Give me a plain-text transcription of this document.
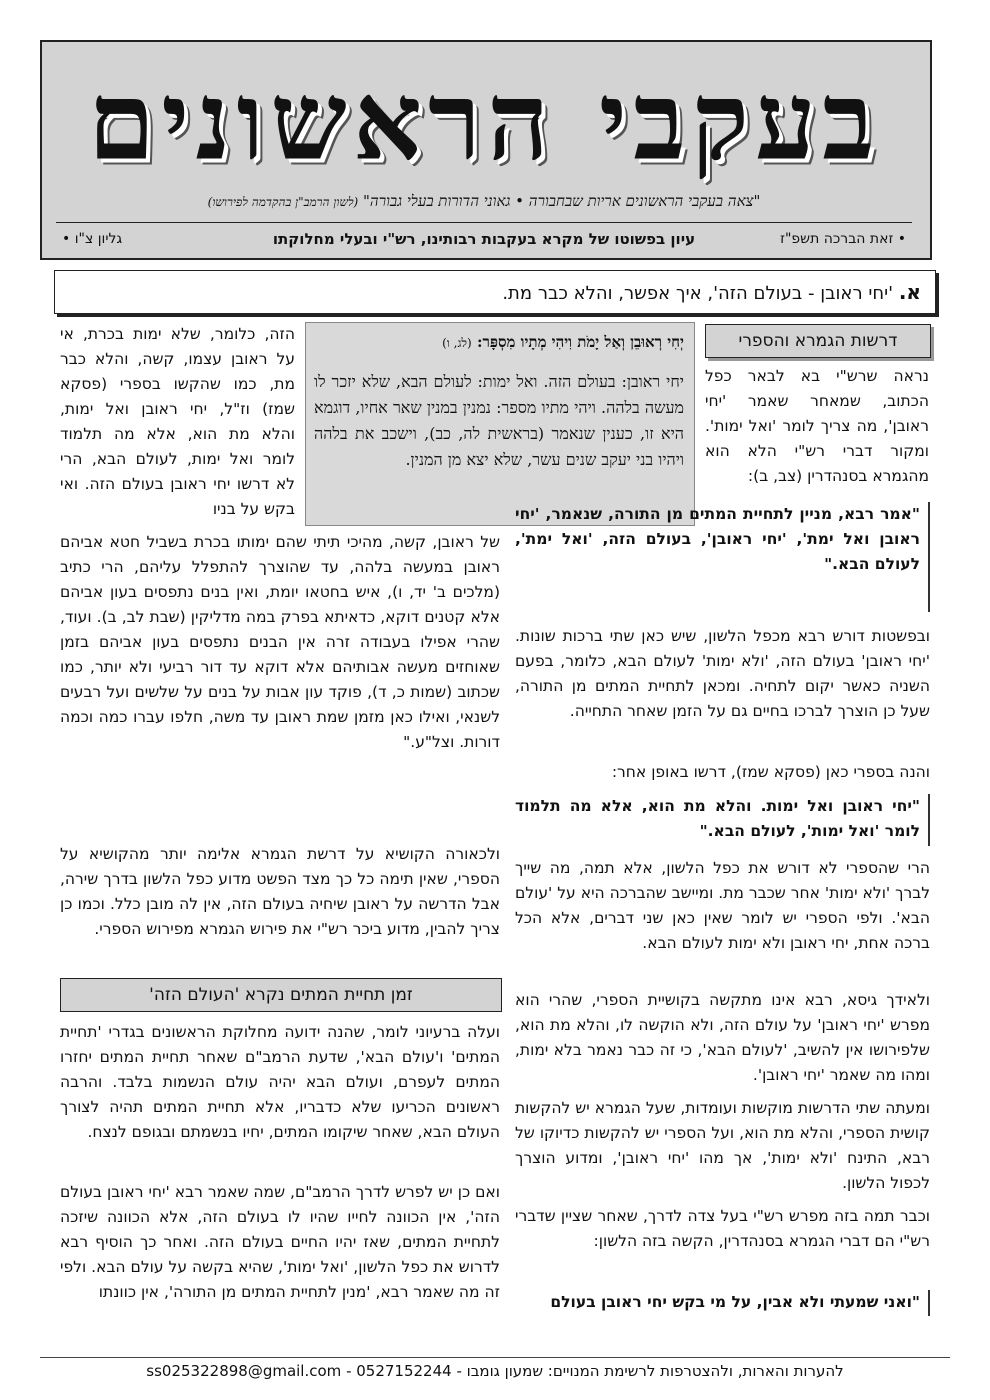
בעקבי הראשונים
"צאה בעקבי הראשונים אריות שבחבורה • גאוני הדורות בעלי גבורה" (לשון הרמב"ן בהקדמה לפירושו)
• זאת הברכה תשפ"ז
עיון בפשוטו של מקרא בעקבות רבותינו, רש"י ובעלי מחלוקתו
גליון צ"ו •
א. 'יחי ראובן - בעולם הזה', איך אפשר, והלא כבר מת.
דרשות הגמרא והספרי
יְחִי רְאוּבֵן וְאַל יָמֹת וִיהִי מְתָיו מִסְפָּר: (לג, ו)
יחי ראובן: בעולם הזה. ואל ימות: לעולם הבא, שלא יזכר לו מעשה בלהה. ויהי מתיו מספר: נמנין במנין שאר אחיו, דוגמא היא זו, כענין שנאמר (בראשית לה, כב), וישכב את בלהה ויהיו בני יעקב שנים עשר, שלא יצא מן המנין.
הזה, כלומר, שלא ימות בכרת, אי על ראובן עצמו, קשה, והלא כבר מת, כמו שהקשו בספרי (פסקא שמז) וז"ל, יחי ראובן ואל ימות, והלא מת הוא, אלא מה תלמוד לומר ואל ימות, לעולם הבא, הרי לא דרשו יחי ראובן בעולם הזה. ואי בקש על בניו
נראה שרש"י בא לבאר כפל הכתוב, שמאחר שאמר 'יחי ראובן', מה צריך לומר 'ואל ימות'. ומקור דברי רש"י הלא הוא מהגמרא בסנהדרין (צב, ב):
"אמר רבא, מניין לתחיית המתים מן התורה, שנאמר, 'יחי ראובן ואל ימת', 'יחי ראובן', בעולם הזה, 'ואל ימת', לעולם הבא."
ובפשטות דורש רבא מכפל הלשון, שיש כאן שתי ברכות שונות. 'יחי ראובן' בעולם הזה, 'ולא ימות' לעולם הבא, כלומר, בפעם השניה כאשר יקום לתחיה. ומכאן לתחיית המתים מן התורה, שעל כן הוצרך לברכו בחיים גם על הזמן שאחר התחייה.
והנה בספרי כאן (פסקא שמז), דרשו באופן אחר:
"יחי ראובן ואל ימות. והלא מת הוא, אלא מה תלמוד לומר 'ואל ימות', לעולם הבא."
הרי שהספרי לא דורש את כפל הלשון, אלא תמה, מה שייך לברך 'ולא ימות' אחר שכבר מת. ומיישב שהברכה היא על 'עולם הבא'. ולפי הספרי יש לומר שאין כאן שני דברים, אלא הכל ברכה אחת, יחי ראובן ולא ימות לעולם הבא.
ולאידך גיסא, רבא אינו מתקשה בקושיית הספרי, שהרי הוא מפרש 'יחי ראובן' על עולם הזה, ולא הוקשה לו, והלא מת הוא, שלפירושו אין להשיב, 'לעולם הבא', כי זה כבר נאמר בלא ימות, ומהו מה שאמר 'יחי ראובן'.
ומעתה שתי הדרשות מוקשות ועומדות, שעל הגמרא יש להקשות קושית הספרי, והלא מת הוא, ועל הספרי יש להקשות כדיוקו של רבא, התינח 'ולא ימות', אך מהו 'יחי ראובן', ומדוע הוצרך לכפול הלשון.
וכבר תמה בזה מפרש רש"י בעל צדה לדרך, שאחר שציין שדברי רש"י הם דברי הגמרא בסנהדרין, הקשה בזה הלשון:
"ואני שמעתי ולא אבין, על מי בקש יחי ראובן בעולם
של ראובן, קשה, מהיכי תיתי שהם ימותו בכרת בשביל חטא אביהם ראובן במעשה בלהה, עד שהוצרך להתפלל עליהם, הרי כתיב (מלכים ב' יד, ו), איש בחטאו יומת, ואין בנים נתפסים בעון אביהם אלא קטנים דוקא, כדאיתא בפרק במה מדליקין (שבת לב, ב). ועוד, שהרי אפילו בעבודה זרה אין הבנים נתפסים בעון אביהם בזמן שאוחזים מעשה אבותיהם אלא דוקא עד דור רביעי ולא יותר, כמו שכתוב (שמות כ, ד), פוקד עון אבות על בנים על שלשים ועל רבעים לשנאי, ואילו כאן מזמן שמת ראובן עד משה, חלפו עברו כמה וכמה דורות. וצל"ע."
ולכאורה הקושיא על דרשת הגמרא אלימה יותר מהקושיא על הספרי, שאין תימה כל כך מצד הפשט מדוע כפל הלשון בדרך שירה, אבל הדרשה על ראובן שיחיה בעולם הזה, אין לה מובן כלל. וכמו כן צריך להבין, מדוע ביכר רש"י את פירוש הגמרא מפירוש הספרי.
זמן תחיית המתים נקרא 'העולם הזה'
ועלה ברעיוני לומר, שהנה ידועה מחלוקת הראשונים בגדרי 'תחיית המתים' ו'עולם הבא', שדעת הרמב"ם שאחר תחיית המתים יחזרו המתים לעפרם, ועולם הבא יהיה עולם הנשמות בלבד. והרבה ראשונים הכריעו שלא כדבריו, אלא תחיית המתים תהיה לצורך העולם הבא, שאחר שיקומו המתים, יחיו בנשמתם ובגופם לנצח.
ואם כן יש לפרש לדרך הרמב"ם, שמה שאמר רבא 'יחי ראובן בעולם הזה', אין הכוונה לחייו שהיו לו בעולם הזה, אלא הכוונה שיזכה לתחיית המתים, שאז יהיו החיים בעולם הזה. ואחר כך הוסיף רבא לדרוש את כפל הלשון, 'ואל ימות', שהיא בקשה על עולם הבא. ולפי זה מה שאמר רבא, 'מנין לתחיית המתים מן התורה', אין כוונתו
להערות והארות, ולהצטרפות לרשימת המנויים: שמעון גומבו - 0527152244 - ss025322898@gmail.com
